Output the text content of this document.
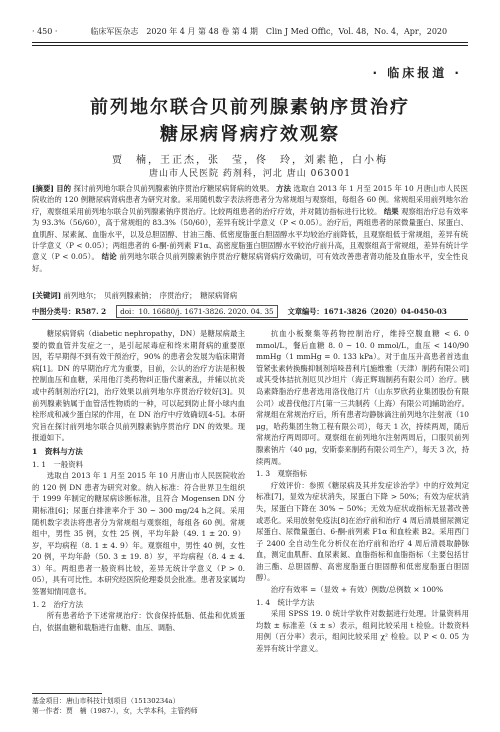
· 450 ·	临床军医杂志　2020 年 4 月 第 48 卷 第 4 期　Clin J Med Offic，Vol. 48，No. 4，Apr，2020
· 临床报道 ·
前列地尔联合贝前列腺素钠序贯治疗
糖尿病肾病疗效观察
贾　楠，王正杰，张　莹，佟　玲，刘素艳，白小梅
唐山市人民医院 药剂科，河北 唐山 063001
[摘要] 目的 探讨前列地尔联合贝前列腺素钠序贯治疗糖尿病肾病的效果。 方法 选取自 2013 年 1 月至 2015 年 10 月唐山市人民医院收治的 120 例糖尿病肾病患者为研究对象。采用随机数字表法将患者分为常规组与观察组，每组各 60 例。常规组采用前列地尔治疗，观察组采用前列地尔联合贝前列腺素钠序贯治疗。比较两组患者的治疗疗效，并对随访指标进行比较。 结果 观察组治疗总有效率为 93.3%（56/60），高于常规组的 83.3%（50/60），差异有统计学意义（P < 0.05）。治疗后，两组患者的尿微量蛋白、尿蛋白、血肌酐、尿素氮、血脂水平，以及总胆固醇、甘油三酯、低密度脂蛋白胆固醇水平均较治疗前降低，且观察组低于常规组，差异有统计学意义（P < 0.05）；两组患者的 6-酮-前列素 F1α、高密度脂蛋白胆固醇水平较治疗前升高，且观察组高于常规组，差异有统计学意义（P < 0.05）。 结论 前列地尔联合贝前列腺素钠序贯治疗糖尿病肾病疗效确切，可有效改善患者肾功能及血脂水平，安全性良好。
[关键词] 前列地尔；　贝前列腺素钠；　序贯治疗；　糖尿病肾病
中图分类号：R587. 2	doi：10. 16680/j. 1671-3826. 2020. 04. 35	文章编号：1671-3826（2020）04-0450-03

糖尿病肾病（diabetic nephropathy，DN）是糖尿病最主要的微血管并发症之一，是引起尿毒症和终末期肾病的重要原因，若早期得不到有效干预治疗，90% 的患者会发展为临床期肾病[1]。DN 的早期治疗尤为重要，目前，公认的治疗方法是积极控制血压和血糖，采用他汀类药物纠正脂代谢紊乱，并辅以抗炎或中药制剂治疗[2]，治疗效果以前列地尔序贯治疗较好[3]。贝前列腺素钠属于血管活性物质的一种，可以起到防止肾小球内血栓形成和减少蛋白尿的作用，在 DN 治疗中疗效确切[4-5]。本研究旨在探讨前列地尔联合贝前列腺素钠序贯治疗 DN 的效果。现报道如下。

1　资料与方法
1. 1　一般资料

选取自 2013 年 1 月至 2015 年 10 月唐山市人民医院收治的 120 例 DN 患者为研究对象。纳入标准：符合世界卫生组织于 1999 年制定的糖尿病诊断标准，且符合 Mogensen DN 分期标准[6]；尿蛋白排泄率介于 30 ~ 300 mg/24 h之间。采用随机数字表法将患者分为常规组与观察组，每组各 60 例。常规组中，男性 35 例，女性 25 例，平均年龄（49. 1 ± 20. 9）岁，平均病程（8. 1 ± 4. 9）年。观察组中，男性 40 例，女性 20 例，平均年龄（50. 3 ± 19. 8）岁，平均病程（8. 4 ± 4. 3）年。两组患者一般资料比较，差异无统计学意义（P > 0. 05），具有可比性。本研究经医院伦理委员会批准。患者及家属均签署知情同意书。

1. 2　治疗方法

所有患者给予下述常规治疗：饮食保持低脂、低盐和优质蛋白，依据血糖和载脂进行血糖、血压、调脂、

抗血小板聚集等药物控制治疗，维持空腹血糖 < 6. 0 mmol/L，餐后血糖 8. 0 ~ 10. 0 mmol/L，血压 < 140/90 mmHg（1 mmHg = 0. 133 kPa）。对于血压升高患者首选血管紧张素转换酶抑制剂培哚普利片[施维雅（天津）制药有限公司]或其受体拮抗剂厄贝沙坦片（海正辉瑞制药有限公司）治疗。胰岛素降脂治疗患者选用洛伐他汀片（山东罗欣药业集团股份有限公司）或普伐他汀片[第一三共制药（上海）有限公司]辅助治疗。常规组在常规治疗后，所有患者均静脉滴注前列地尔注射液（10 μg，哈药集团生物工程有限公司），每天 1 次，持续两周，随后常规治疗两周即可。观察组在前列地尔注射两周后，口服贝前列腺素钠片（40 μg，安斯泰来制药有限公司生产），每天 3 次，持续两周。

1. 3　观察指标

疗效评价：参照《糖尿病及其并发症诊治学》中的疗效判定标准[7]，显效为症状消失，尿蛋白下降 > 50%；有效为症状消失，尿蛋白下降在 30% ~ 50%；无效为症状或指标无显著改善或恶化。采用放射免疫法[8]在治疗前和治疗 4 周后清晨留尿测定尿蛋白、尿微量蛋白、6-酮-前列素 F1α 和血栓素 B2。采用西门子 2400 全自动生化分析仪在治疗前和治疗 4 周后清晨取静脉血，测定血肌酐、血尿素氮、血脂指标和血脂指标（主要包括甘油三酯、总胆固醇、高密度脂蛋白胆固醇和低密度脂蛋白胆固醇）。

治疗有效率 =（显效 + 有效）例数/总例数 × 100%

1. 4　统计学方法

采用 SPSS 19. 0 统计学软件对数据进行处理。计量资料用均数 ± 标准差（x̄ ± s）表示，组间比较采用 t 检验。计数资料用例（百分率）表示，组间比较采用 χ² 检验。以 P < 0. 05 为差异有统计学意义。

基金项目：唐山市科技计划项目（15130234a）
第一作者：贾　楠（1987-），女，大学本科，主管药师
